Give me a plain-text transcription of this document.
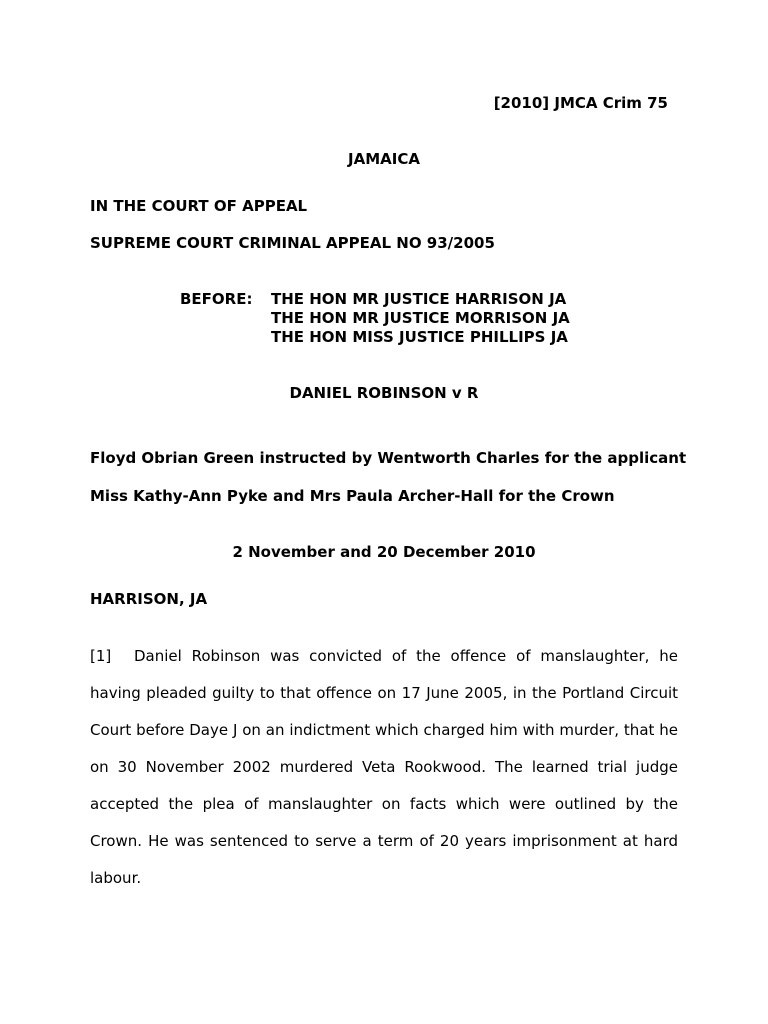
[2010] JMCA Crim 75
JAMAICA
IN THE COURT OF APPEAL
SUPREME COURT CRIMINAL APPEAL NO 93/2005
BEFORE: THE HON MR JUSTICE HARRISON JA
THE HON MR JUSTICE MORRISON JA
THE HON MISS JUSTICE PHILLIPS JA
DANIEL ROBINSON v R
Floyd Obrian Green instructed by Wentworth Charles for the applicant
Miss Kathy-Ann Pyke and Mrs Paula Archer-Hall for the Crown
2 November and 20 December 2010
HARRISON, JA
[1]	Daniel Robinson was convicted of the offence of manslaughter, he having pleaded guilty to that offence on 17 June 2005, in the Portland Circuit Court before Daye J on an indictment which charged him with murder, that he on 30 November 2002 murdered Veta Rookwood. The learned trial judge accepted the plea of manslaughter on facts which were outlined by the Crown. He was sentenced to serve a term of 20 years imprisonment at hard labour.
